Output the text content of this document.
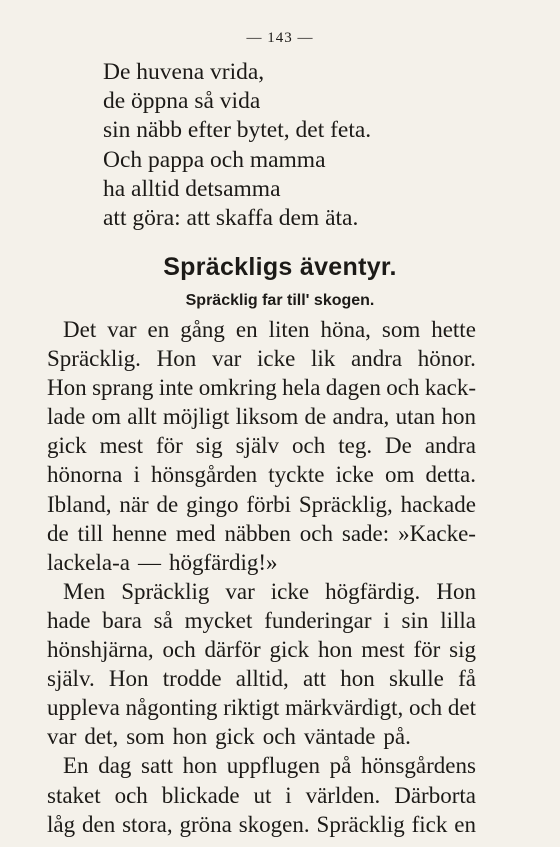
— 143 —
De huvena vrida,
de öppna så vida
sin näbb efter bytet, det feta.
Och pappa och mamma
ha alltid detsamma
att göra: att skaffa dem äta.
Spräckligs äventyr.
Spräcklig far till' skogen.
Det var en gång en liten höna, som hette
Spräcklig. Hon var icke lik andra hönor.
Hon sprang inte omkring hela dagen och kack-
lade om allt möjligt liksom de andra, utan hon
gick mest för sig själv och teg. De andra
hönorna i hönsgården tyckte icke om detta.
Ibland, när de gingo förbi Spräcklig, hackade
de till henne med näbben och sade: »Kacke-
lackela-a — högfärdig!»
Men Spräcklig var icke högfärdig. Hon
hade bara så mycket funderingar i sin lilla
hönshjärna, och därför gick hon mest för sig
själv. Hon trodde alltid, att hon skulle få
uppleva någonting riktigt märkvärdigt, och det
var det, som hon gick och väntade på.
En dag satt hon uppflugen på hönsgårdens
staket och blickade ut i världen. Därborta
låg den stora, gröna skogen. Spräcklig fick en
